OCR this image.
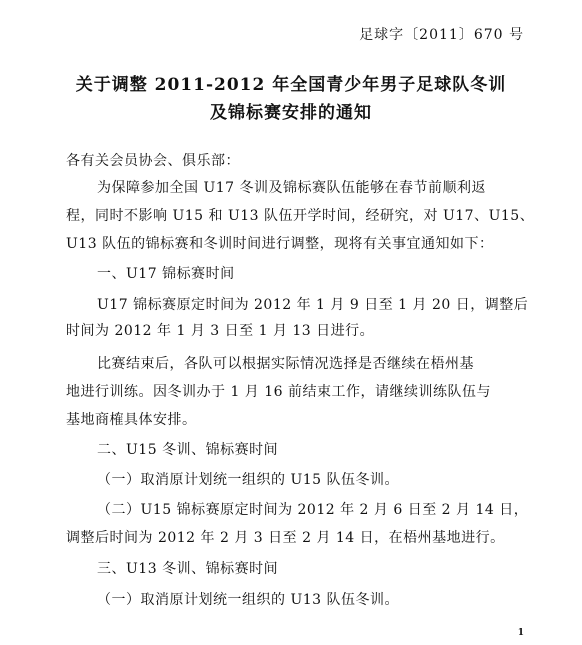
足球字〔2011〕670 号
关于调整 2011-2012 年全国青少年男子足球队冬训
及锦标赛安排的通知
各有关会员协会、俱乐部：
为保障参加全国 U17 冬训及锦标赛队伍能够在春节前顺利返
程，同时不影响 U15 和 U13 队伍开学时间，经研究，对 U17、U15、
U13 队伍的锦标赛和冬训时间进行调整，现将有关事宜通知如下：
一、U17 锦标赛时间
U17 锦标赛原定时间为 2012 年 1 月 9 日至 1 月 20 日，调整后
时间为 2012 年 1 月 3 日至 1 月 13 日进行。
比赛结束后，各队可以根据实际情况选择是否继续在梧州基
地进行训练。因冬训办于 1 月 16 前结束工作，请继续训练队伍与
基地商榷具体安排。
二、U15 冬训、锦标赛时间
（一）取消原计划统一组织的 U15 队伍冬训。
（二）U15 锦标赛原定时间为 2012 年 2 月 6 日至 2 月 14 日，
调整后时间为 2012 年 2 月 3 日至 2 月 14 日，在梧州基地进行。
三、U13 冬训、锦标赛时间
（一）取消原计划统一组织的 U13 队伍冬训。
1
